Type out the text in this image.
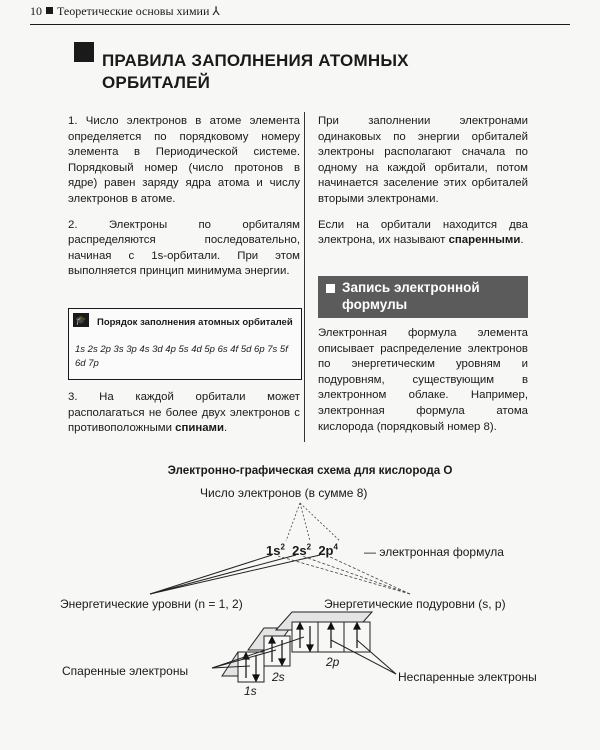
10 Теоретические основы химии ⅄
ПРАВИЛА ЗАПОЛНЕНИЯ АТОМНЫХ ОРБИТАЛЕЙ

1. Число электронов в атоме элемента определяется по порядковому номеру элемента в Периодической системе. Порядковый номер (число протонов в ядре) равен заряду ядра атома и числу электронов в атоме.

2. Электроны по орбиталям распределяются последовательно, начиная с 1s-орбитали. При этом выполняется принцип минимума энергии.

🎓 Порядок заполнения атомных орбиталей
1s 2s 2p 3s 3p 4s 3d 4p 5s 4d 5p 6s 4f 5d 6p 7s 5f 6d 7p
3. На каждой орбитали может располагаться не более двух электронов с противоположными спинами.

При заполнении электронами одинаковых по энергии орбиталей электроны располагают сначала по одному на каждой орбитали, потом начинается заселение этих орбиталей вторыми электронами.

Если на орбитали находится два электрона, их называют спаренными.

Запись электронной формулы
Электронная формула элемента описывает распределение электронов по энергетическим уровням и подуровням, существующим в электронном облаке. Например, электронная формула атома кислорода (порядковый номер 8).
Электронно-графическая схема для кислорода O
Число электронов (в сумме 8)
$1s^2$ $2s^2$ $2p^4$ — электронная формула
Энергетические уровни (n = 1, 2)	Энергетические подуровни (s, p)
Спаренные электроны	Неспаренные электроны
1s
2s
2p
